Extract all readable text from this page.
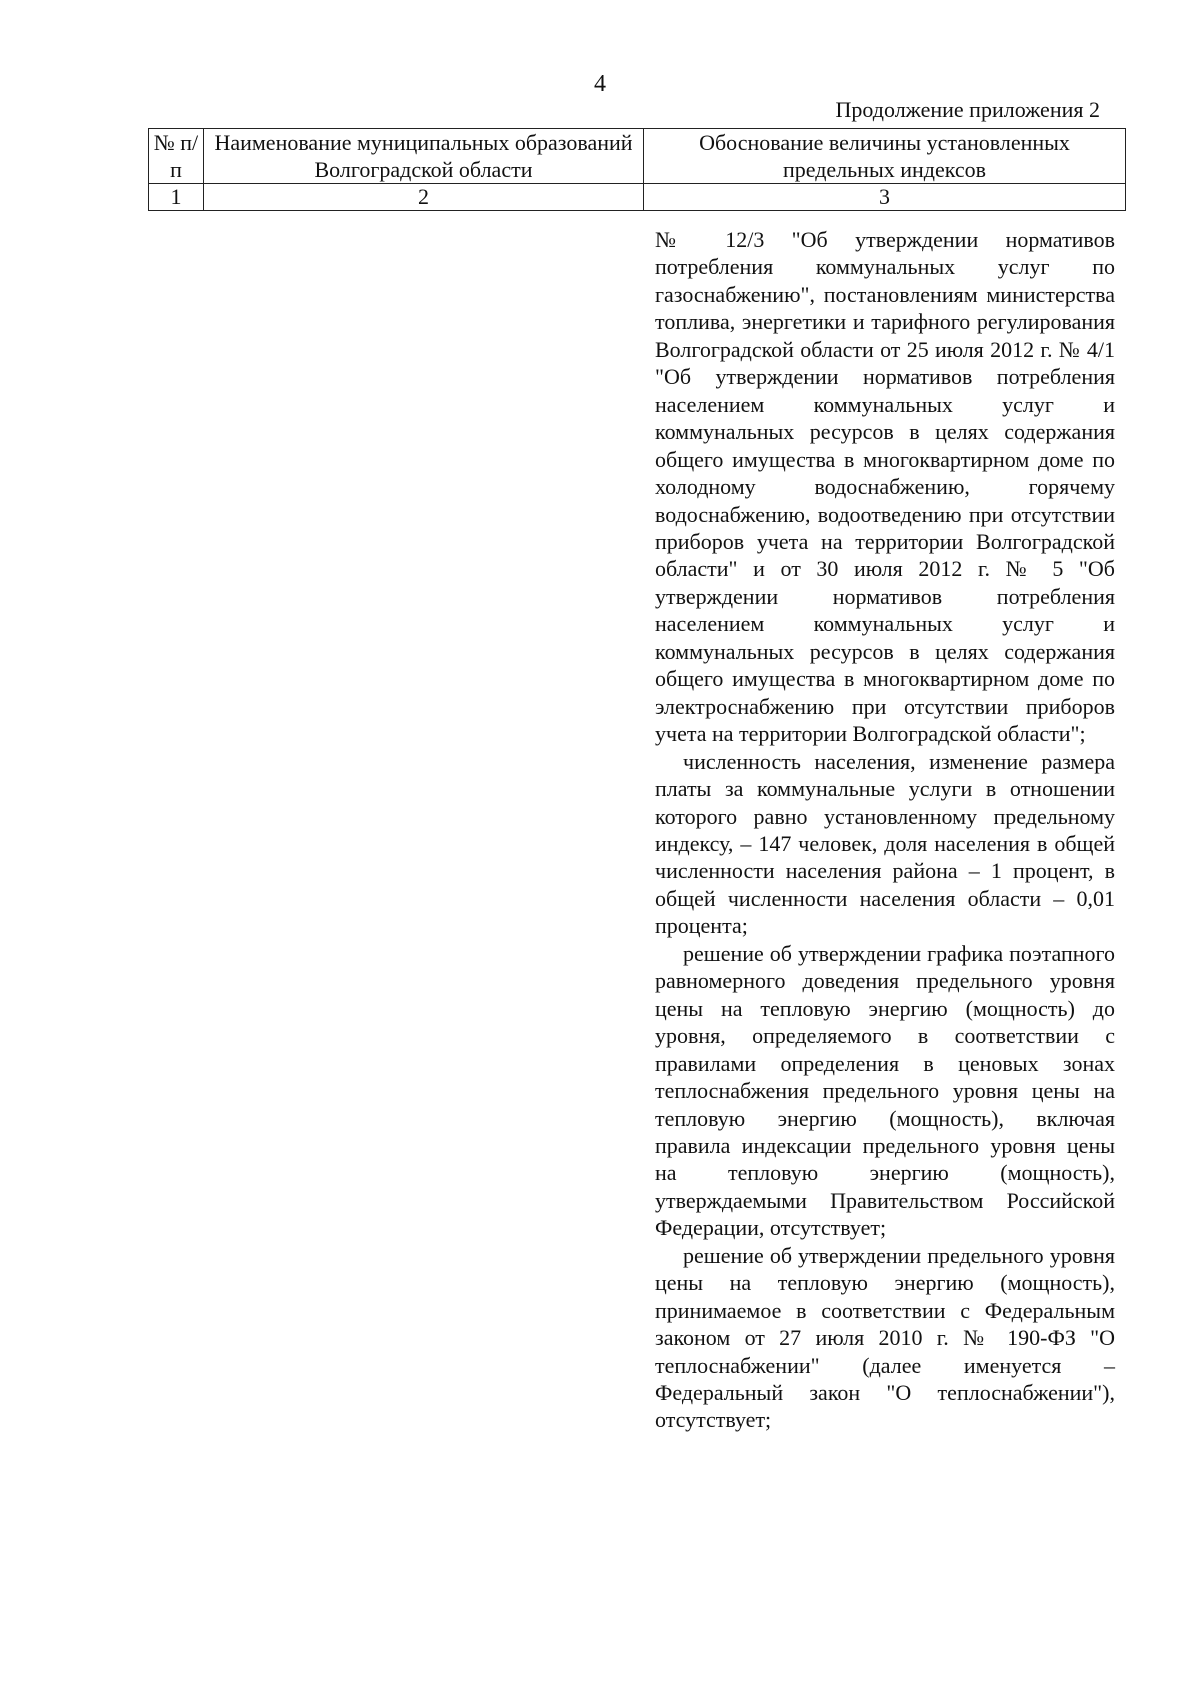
4
Продолжение приложения 2
№ п/п	Наименование муниципальных образований Волгоградской области	Обоснование величины установленных предельных индексов
1	2	3

№ 12/3 "Об утверждении нормативов потребления коммунальных услуг по газоснабжению", постановлениям министерства топлива, энергетики и тарифного регулирования Волгоградской области от 25 июля 2012 г. № 4/1 "Об утверждении нормативов потребления населением коммунальных услуг и коммунальных ресурсов в целях содержания общего имущества в многоквартирном доме по холодному водоснабжению, горячему водоснабжению, водоотведению при отсутствии приборов учета на территории Волгоградской области" и от 30 июля 2012 г. № 5 "Об утверждении нормативов потребления населением коммунальных услуг и коммунальных ресурсов в целях содержания общего имущества в многоквартирном доме по электроснабжению при отсутствии приборов учета на территории Волгоградской области";

численность населения, изменение размера платы за коммунальные услуги в отношении которого равно установленному предельному индексу, – 147 человек, доля населения в общей численности населения района – 1 процент, в общей численности населения области – 0,01 процента;

решение об утверждении графика поэтапного равномерного доведения предельного уровня цены на тепловую энергию (мощность) до уровня, определяемого в соответствии с правилами определения в ценовых зонах теплоснабжения предельного уровня цены на тепловую энергию (мощность), включая правила индексации предельного уровня цены на тепловую энергию (мощность), утверждаемыми Правительством Российской Федерации, отсутствует;

решение об утверждении предельного уровня цены на тепловую энергию (мощность), принимаемое в соответствии с Федеральным законом от 27 июля 2010 г. № 190-ФЗ "О теплоснабжении" (далее именуется – Федеральный закон "О теплоснабжении"), отсутствует;
